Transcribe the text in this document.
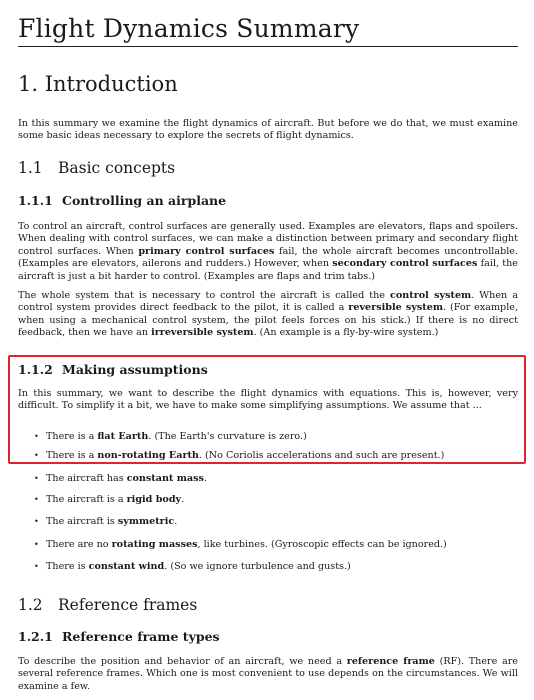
Flight Dynamics Summary
1. Introduction
In this summary we examine the flight dynamics of aircraft. But before we do that, we must examine some basic ideas necessary to explore the secrets of flight dynamics.
1.1 Basic concepts
1.1.1 Controlling an airplane
To control an aircraft, control surfaces are generally used. Examples are elevators, flaps and spoilers. When dealing with control surfaces, we can make a distinction between primary and secondary flight control surfaces. When primary control surfaces fail, the whole aircraft becomes uncontrollable. (Examples are elevators, ailerons and rudders.) However, when secondary control surfaces fail, the aircraft is just a bit harder to control. (Examples are flaps and trim tabs.)
The whole system that is necessary to control the aircraft is called the control system. When a control system provides direct feedback to the pilot, it is called a reversible system. (For example, when using a mechanical control system, the pilot feels forces on his stick.) If there is no direct feedback, then we have an irreversible system. (An example is a fly-by-wire system.)
1.1.2 Making assumptions
In this summary, we want to describe the flight dynamics with equations. This is, however, very difficult. To simplify it a bit, we have to make some simplifying assumptions. We assume that ...
• There is a flat Earth. (The Earth's curvature is zero.)
• There is a non-rotating Earth. (No Coriolis accelerations and such are present.)
• The aircraft has constant mass.
• The aircraft is a rigid body.
• The aircraft is symmetric.
• There are no rotating masses, like turbines. (Gyroscopic effects can be ignored.)
• There is constant wind. (So we ignore turbulence and gusts.)
1.2 Reference frames
1.2.1 Reference frame types
To describe the position and behavior of an aircraft, we need a reference frame (RF). There are several reference frames. Which one is most convenient to use depends on the circumstances. We will examine a few.
